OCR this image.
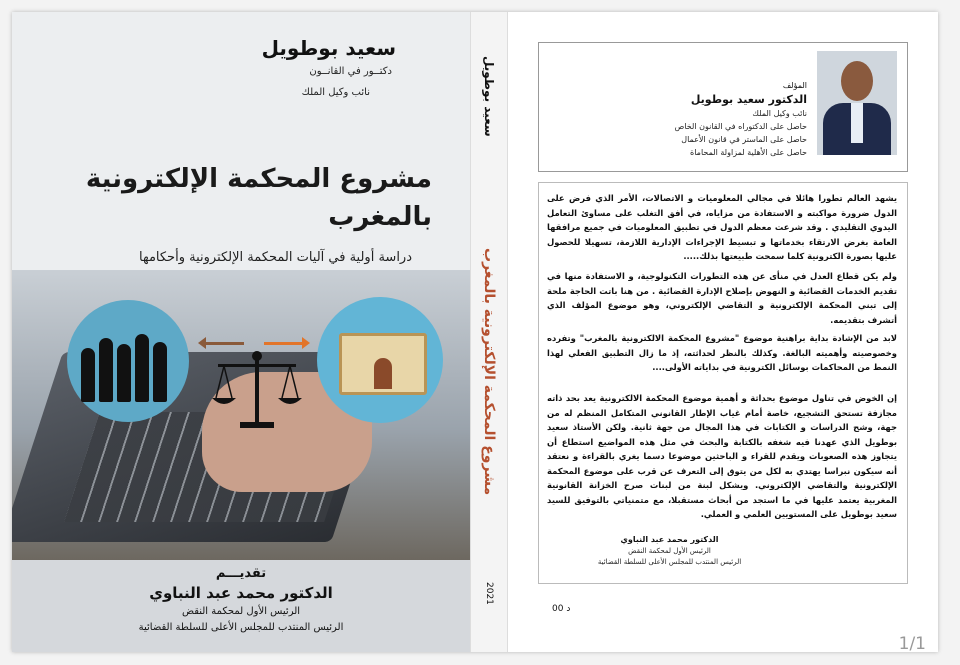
سعيد بوطويل
دكتــور في القانــون
نائب وكيل الملك
مشروع المحكمة الإلكترونية بالمغرب
دراسة أولية في آليات المحكمة الإلكترونية وأحكامها
تقديـــم
الدكتور محمد عبد النباوي
الرئيس الأول لمحكمة النقض
الرئيس المنتدب للمجلس الأعلى للسلطة القضائية
سعيد بوطويل
مشروع المحكمة الإلكترونية بالمغرب
2021
المؤلف
الدكتور سعيد بوطويل
نائب وكيل الملك
حاصل على الدكتوراه في القانون الخاص
حاصل على الماستر في قانون الأعمال
حاصل على الأهلية لمزاولة المحاماة
يشهد العالم تطورا هائلا في مجالي المعلوميات و الاتصالات، الأمر الذي فرض على الدول ضرورة مواكبته و الاستفادة من مزاياه، في أفق التغلب على مساوئ التعامل اليدوي التقليدي . وقد شرعت معظم الدول في تطبيق المعلوميات في جميع مرافقها العامة بغرض الارتقاء بخدماتها و تبسيط الإجراءات الإدارية اللازمة، تسهيلا للحصول عليها بصورة الكترونية كلما سمحت طبيعتها بذلك.....
ولم يكن قطاع العدل في منأى عن هذه التطورات التكنولوجية، و الاستفادة منها في تقديم الخدمات القضائية و النهوض بإصلاح الإدارة القضائية . من هنا باتت الحاجة ملحة إلى تبني المحكمة الإلكترونية و التقاضي الإلكتروني، وهو موضوع المؤلف الذي أتشرف بتقديمه.
لابد من الإشادة بداية براهنية موضوع "مشروع المحكمة الالكترونية بالمغرب" وتفرده وخصوصيته وأهميته البالغة. وكذلك بالنظر لحداثته، إذ ما زال التطبيق الفعلي لهذا النمط من المحاكمات بوسائل الكترونية في بداياته الأولى....
إن الخوض في تناول موضوع بحداثة و أهمية موضوع المحكمة الالكترونية يعد بحد ذاته مجازفة تستحق التشجيع، خاصة أمام غياب الإطار القانوني المتكامل المنظم له من جهة، وشح الدراسات و الكتابات في هذا المجال من جهة ثانية. ولكن الأستاذ سعيد بوطويل الذي عهدنا فيه شغفه بالكتابة والبحث في مثل هذه المواضيع استطاع أن يتجاوز هذه الصعوبات ويقدم للقراء و الباحثين موضوعا دسما يغري بالقراءة و نعتقد أنه سيكون نبراسا يهتدي به لكل من يتوق إلى التعرف عن قرب على موضوع المحكمة الإلكترونية والتقاضي الإلكتروني. ويشكل لبنة من لبنات صرح الخزانة القانونية المغربية يعتمد عليها في ما استجد من أبحاث مستقبلا، مع متمنياتي بالتوفيق للسيد سعيد بوطويل على المستويين العلمي و العملي.
الدكتور محمد عبد النباوي
الرئيس الأول لمحكمة النقض
الرئيس المنتدب للمجلس الأعلى للسلطة القضائية
00 د
1/1
